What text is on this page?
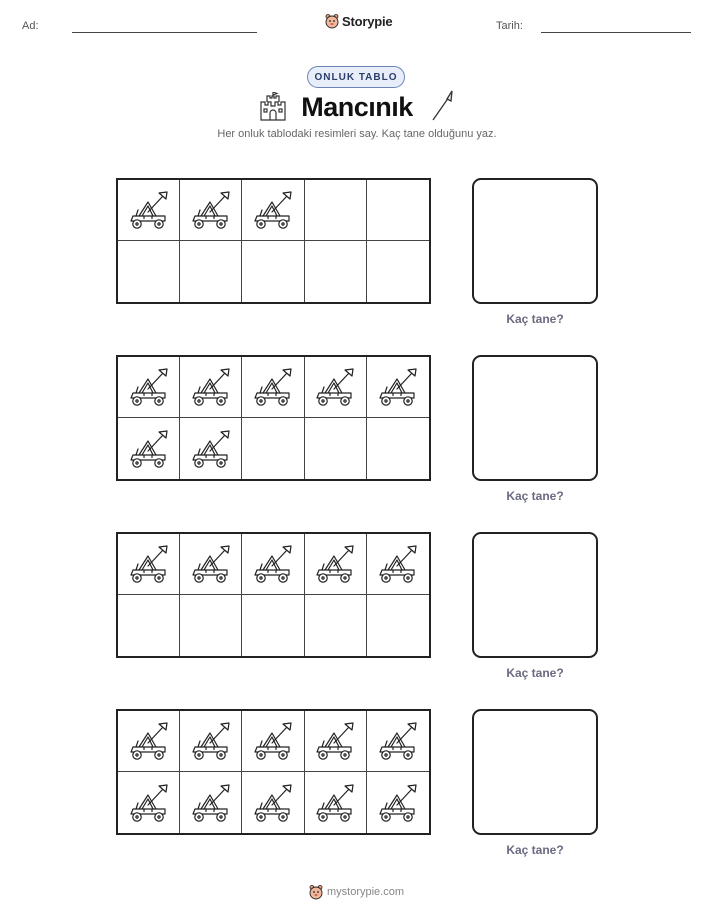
Ad:	Storypie	Tarih:
ONLUK TABLO
Mancınık
Her onluk tablodaki resimleri say. Kaç tane olduğunu yaz.
Kaç tane?
Kaç tane?
Kaç tane?
Kaç tane?
mystorypie.com
